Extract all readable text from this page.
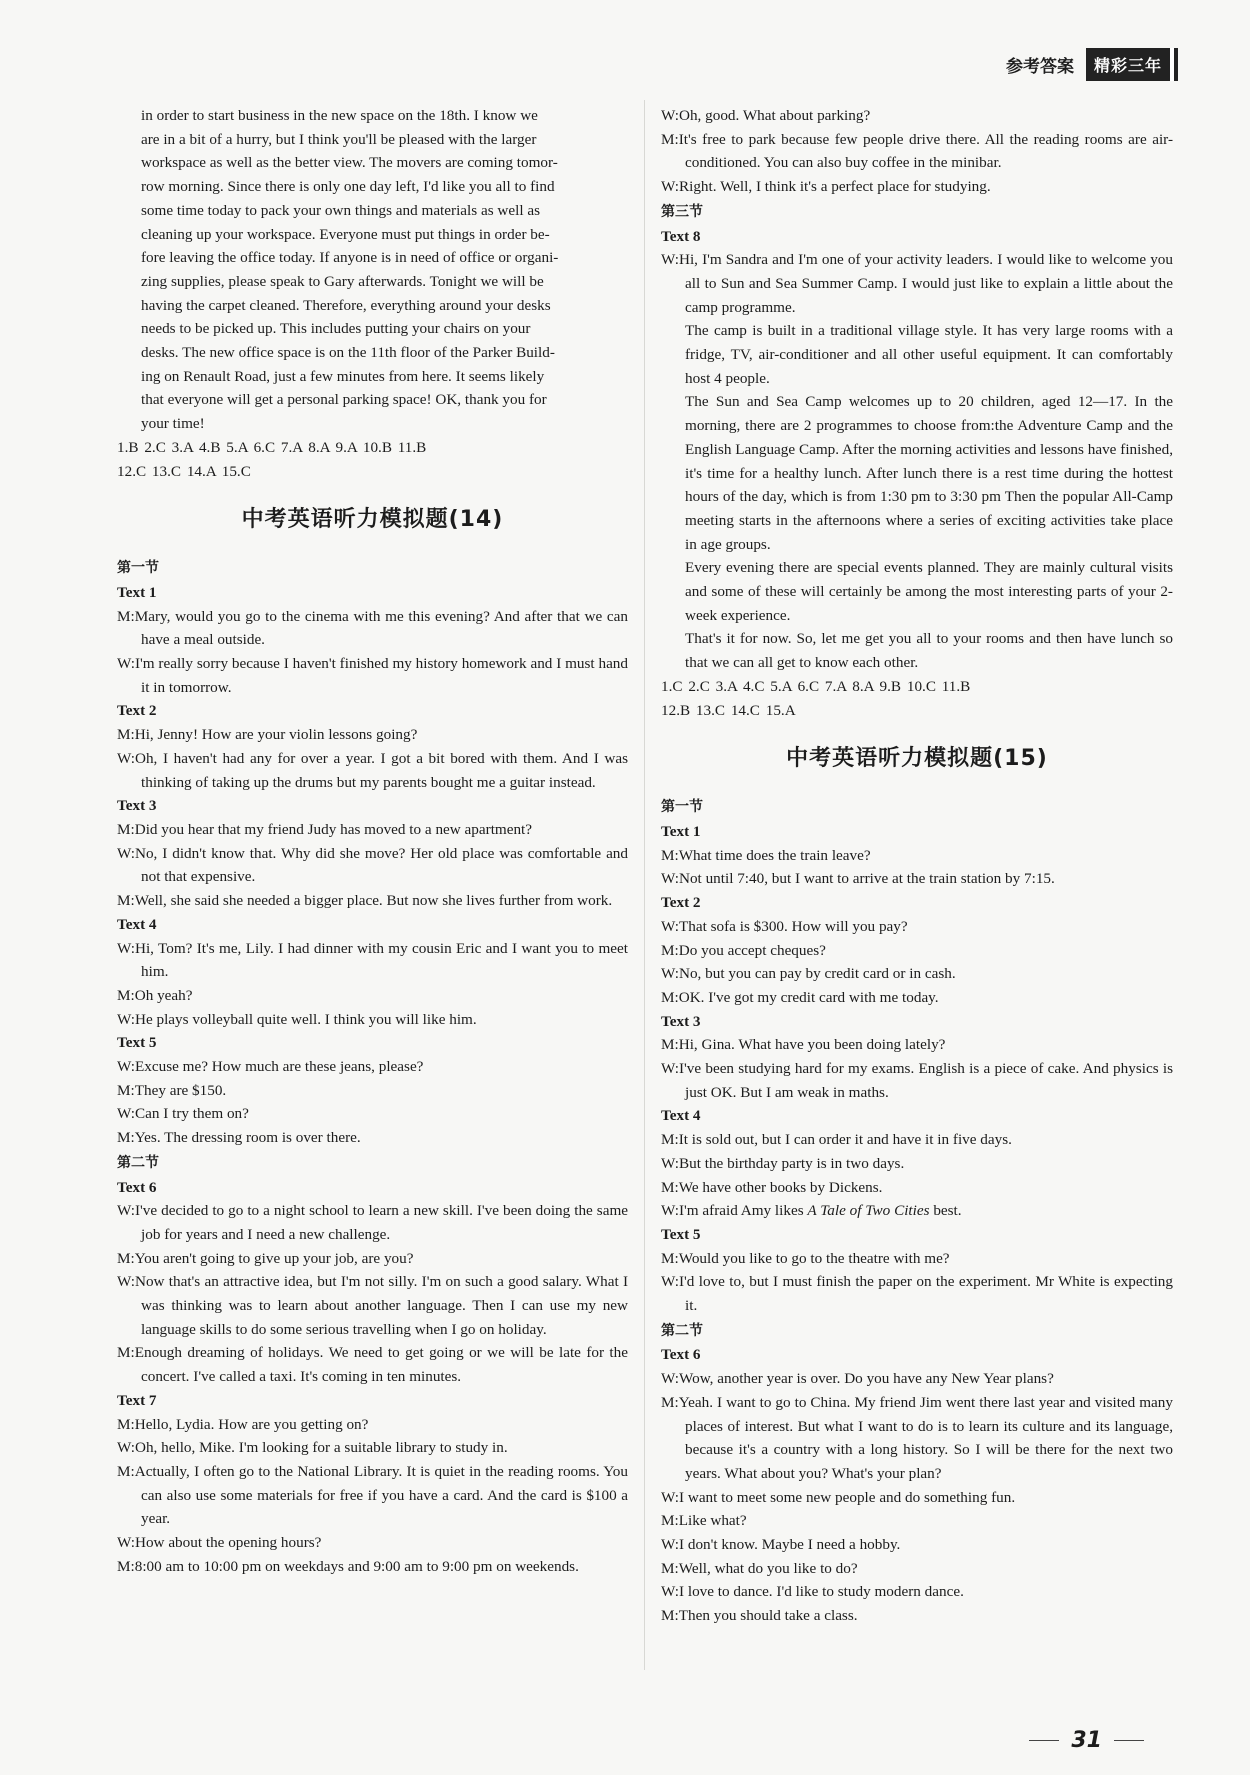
参考答案	精彩三年

in order to start business in the new space on the 18th. I know we

are in a bit of a hurry, but I think you'll be pleased with the larger

workspace as well as the better view. The movers are coming tomor-

row morning. Since there is only one day left, I'd like you all to find

some time today to pack your own things and materials as well as

cleaning up your workspace. Everyone must put things in order be-

fore leaving the office today. If anyone is in need of office or organi-

zing supplies, please speak to Gary afterwards. Tonight we will be

having the carpet cleaned. Therefore, everything around your desks

needs to be picked up. This includes putting your chairs on your

desks. The new office space is on the 11th floor of the Parker Build-

ing on Renault Road, just a few minutes from here. It seems likely

that everyone will get a personal parking space! OK, thank you for

your time!

1.B 2.C 3.A 4.B 5.A 6.C 7.A 8.A 9.A 10.B 11.B

12.C 13.C 14.A 15.C

中考英语听力模拟题(14)

第一节

Text 1

M:Mary, would you go to the cinema with me this evening? And after that we can have a meal outside.

W:I'm really sorry because I haven't finished my history homework and I must hand it in tomorrow.

Text 2

M:Hi, Jenny! How are your violin lessons going?

W:Oh, I haven't had any for over a year. I got a bit bored with them. And I was thinking of taking up the drums but my parents bought me a guitar instead.

Text 3

M:Did you hear that my friend Judy has moved to a new apartment?

W:No, I didn't know that. Why did she move? Her old place was comfortable and not that expensive.

M:Well, she said she needed a bigger place. But now she lives further from work.

Text 4

W:Hi, Tom? It's me, Lily. I had dinner with my cousin Eric and I want you to meet him.

M:Oh yeah?

W:He plays volleyball quite well. I think you will like him.

Text 5

W:Excuse me? How much are these jeans, please?

M:They are $150.

W:Can I try them on?

M:Yes. The dressing room is over there.

第二节

Text 6

W:I've decided to go to a night school to learn a new skill. I've been doing the same job for years and I need a new challenge.

M:You aren't going to give up your job, are you?

W:Now that's an attractive idea, but I'm not silly. I'm on such a good salary. What I was thinking was to learn about another language. Then I can use my new language skills to do some serious travelling when I go on holiday.

M:Enough dreaming of holidays. We need to get going or we will be late for the concert. I've called a taxi. It's coming in ten minutes.

Text 7

M:Hello, Lydia. How are you getting on?

W:Oh, hello, Mike. I'm looking for a suitable library to study in.

M:Actually, I often go to the National Library. It is quiet in the reading rooms. You can also use some materials for free if you have a card. And the card is $100 a year.

W:How about the opening hours?

M:8:00 am to 10:00 pm on weekdays and 9:00 am to 9:00 pm on weekends.

W:Oh, good. What about parking?

M:It's free to park because few people drive there. All the reading rooms are air-conditioned. You can also buy coffee in the minibar.

W:Right. Well, I think it's a perfect place for studying.

第三节

Text 8

W:Hi, I'm Sandra and I'm one of your activity leaders. I would like to welcome you all to Sun and Sea Summer Camp. I would just like to explain a little about the camp programme.

The camp is built in a traditional village style. It has very large rooms with a fridge, TV, air-conditioner and all other useful equipment. It can comfortably host 4 people.

The Sun and Sea Camp welcomes up to 20 children, aged 12—17. In the morning, there are 2 programmes to choose from:the Adventure Camp and the English Language Camp. After the morning activities and lessons have finished, it's time for a healthy lunch. After lunch there is a rest time during the hottest hours of the day, which is from 1:30 pm to 3:30 pm Then the popular All-Camp meeting starts in the afternoons where a series of exciting activities take place in age groups.

Every evening there are special events planned. They are mainly cultural visits and some of these will certainly be among the most interesting parts of your 2-week experience.

That's it for now. So, let me get you all to your rooms and then have lunch so that we can all get to know each other.

1.C 2.C 3.A 4.C 5.A 6.C 7.A 8.A 9.B 10.C 11.B

12.B 13.C 14.C 15.A

中考英语听力模拟题(15)

第一节

Text 1

M:What time does the train leave?

W:Not until 7:40, but I want to arrive at the train station by 7:15.

Text 2

W:That sofa is $300. How will you pay?

M:Do you accept cheques?

W:No, but you can pay by credit card or in cash.

M:OK. I've got my credit card with me today.

Text 3

M:Hi, Gina. What have you been doing lately?

W:I've been studying hard for my exams. English is a piece of cake. And physics is just OK. But I am weak in maths.

Text 4

M:It is sold out, but I can order it and have it in five days.

W:But the birthday party is in two days.

M:We have other books by Dickens.

W:I'm afraid Amy likes A Tale of Two Cities best.

Text 5

M:Would you like to go to the theatre with me?

W:I'd love to, but I must finish the paper on the experiment. Mr White is expecting it.

第二节

Text 6

W:Wow, another year is over. Do you have any New Year plans?

M:Yeah. I want to go to China. My friend Jim went there last year and visited many places of interest. But what I want to do is to learn its culture and its language, because it's a country with a long history. So I will be there for the next two years. What about you? What's your plan?

W:I want to meet some new people and do something fun.

M:Like what?

W:I don't know. Maybe I need a hobby.

M:Well, what do you like to do?

W:I love to dance. I'd like to study modern dance.

M:Then you should take a class.

31
